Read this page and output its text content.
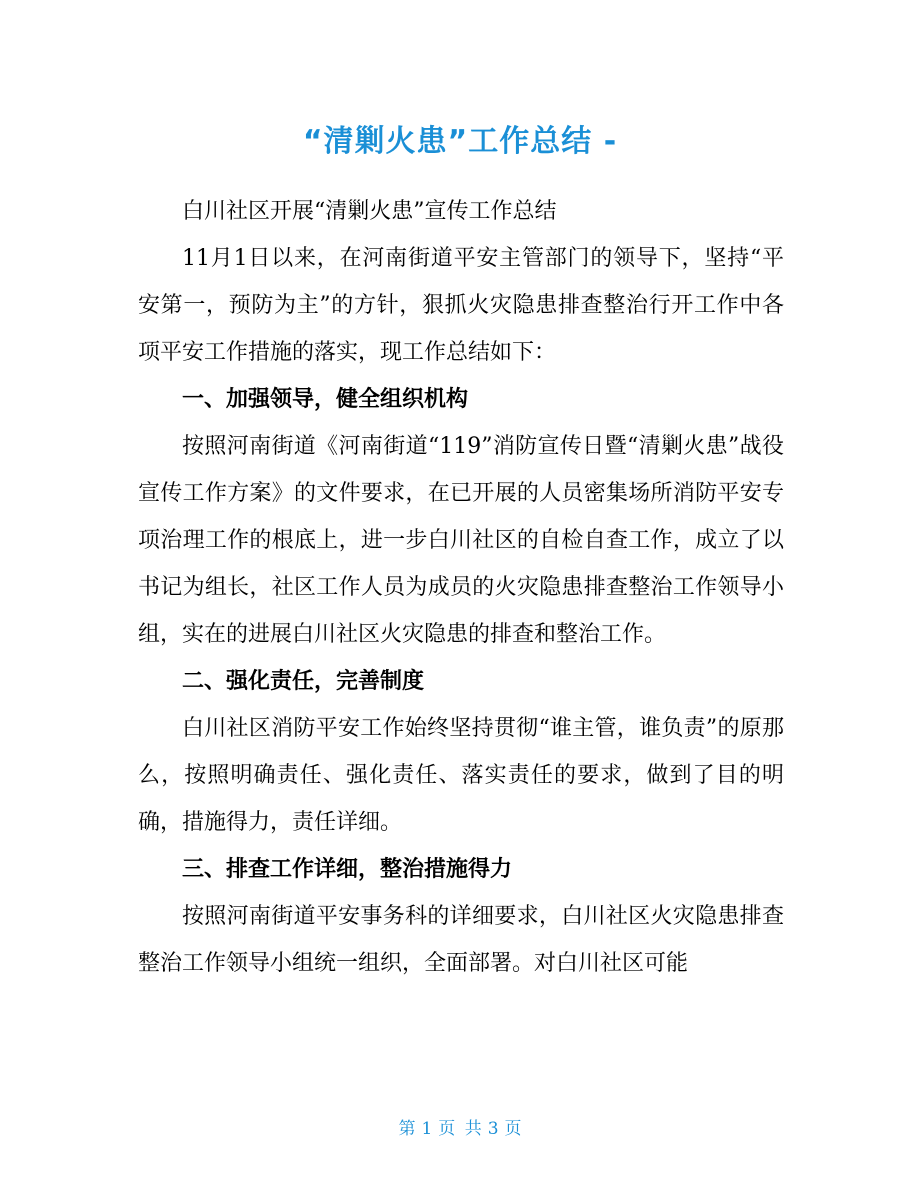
“清剿火患”工作总结 -

白川社区开展“清剿火患”宣传工作总结

11月1日以来，在河南街道平安主管部门的领导下，坚持“平安第一，预防为主”的方针，狠抓火灾隐患排查整治行开工作中各项平安工作措施的落实，现工作总结如下：

一、加强领导，健全组织机构

按照河南街道《河南街道“119”消防宣传日暨“清剿火患”战役宣传工作方案》的文件要求，在已开展的人员密集场所消防平安专项治理工作的根底上，进一步白川社区的自检自查工作，成立了以书记为组长，社区工作人员为成员的火灾隐患排查整治工作领导小组，实在的进展白川社区火灾隐患的排查和整治工作。

二、强化责任，完善制度

白川社区消防平安工作始终坚持贯彻“谁主管，谁负责”的原那么，按照明确责任、强化责任、落实责任的要求，做到了目的明确，措施得力，责任详细。

三、排查工作详细，整治措施得力

按照河南街道平安事务科的详细要求，白川社区火灾隐患排查整治工作领导小组统一组织，全面部署。对白川社区可能

第 1 页 共 3 页
